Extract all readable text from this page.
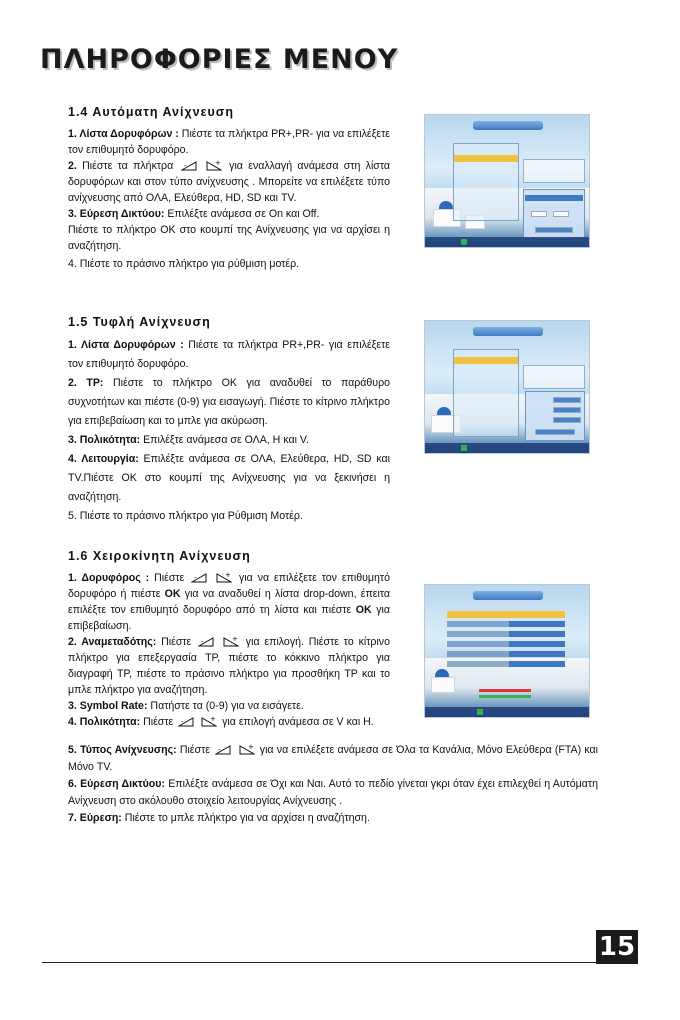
ΠΛΗΡΟΦΟΡΙΕΣ ΜΕΝΟΥ
1.4 Αυτόματη Ανίχνευση

1. Λίστα Δορυφόρων : Πιέστε τα πλήκτρα PR+,PR- για να επιλέξετε τον επιθυμητό δορυφόρο.

2. Πιέστε τα πλήκτρα -
	+ για εναλλαγή ανάμεσα στη λίστα δορυφόρων και στον τύπο ανίχνευσης . Μπορείτε να επιλέξετε τύπο ανίχνευσης από ΟΛΑ, Ελεύθερα, HD, SD και TV.

3. Εύρεση Δικτύου: Επιλέξτε ανάμεσα σε On και Off.

Πιέστε το πλήκτρο OK στο κουμπί της Ανίχνευσης για να αρχίσει η αναζήτηση.

4. Πιέστε το πράσινο πλήκτρο για ρύθμιση μοτέρ.

1.5 Τυφλή Ανίχνευση

1. Λίστα Δορυφόρων : Πιέστε τα πλήκτρα PR+,PR- για επιλέξετε τον επιθυμητό δορυφόρο.

2. TP: Πιέστε το πλήκτρο OK για αναδυθεί το παράθυρο συχνοτήτων και πιέστε (0-9) για εισαγωγή. Πιέστε το κίτρινο πλήκτρο για επιβεβαίωση και το μπλε για ακύρωση.

3. Πολικότητα: Επιλέξτε ανάμεσα σε ΟΛΑ, H και V.

4. Λειτουργία: Επιλέξτε ανάμεσα σε ΟΛΑ, Ελεύθερα, HD, SD και TV.Πιέστε OK στο κουμπί της Ανίχνευσης για να ξεκινήσει η αναζήτηση.

5. Πιέστε το πράσινο πλήκτρο για Ρύθμιση Μοτέρ.

1.6 Χειροκίνητη Ανίχνευση

1. Δορυφόρος : Πιέστε -
	+ για να επιλέξετε τον επιθυμητό δορυφόρο ή πιέστε OK για να αναδυθεί η λίστα drop-down, έπειτα επιλέξτε τον επιθυμητό δορυφόρο από τη λίστα και πιέστε OK για επιβεβαίωση.

2. Αναμεταδότης: Πιέστε -
	+ για επιλογή. Πιέστε το κίτρινο πλήκτρο για επεξεργασία TP, πιέστε το κόκκινο πλήκτρο για διαγραφή TP, πιέστε το πράσινο πλήκτρο για προσθήκη TP και το μπλε πλήκτρο για αναζήτηση.

3. Symbol Rate: Πατήστε τα (0-9) για να εισάγετε.

4. Πολικότητα: Πιέστε -
	+ για επιλογή ανάμεσα σε V και H.

5. Τύπος Ανίχνευσης: Πιέστε -
	+ για να επιλέξετε ανάμεσα σε Όλα τα Κανάλια, Μόνο Ελεύθερα (FTA) και Μόνο TV.

6. Εύρεση Δικτύου: Επιλέξτε ανάμεσα σε Όχι και Ναι. Αυτό το πεδίο γίνεται γκρι όταν έχει επιλεχθεί η Αυτόματη Ανίχνευση στο ακόλουθο στοιχείο λειτουργίας Ανίχνευσης .

7. Εύρεση: Πιέστε το μπλε πλήκτρο για να αρχίσει η αναζήτηση.

15
